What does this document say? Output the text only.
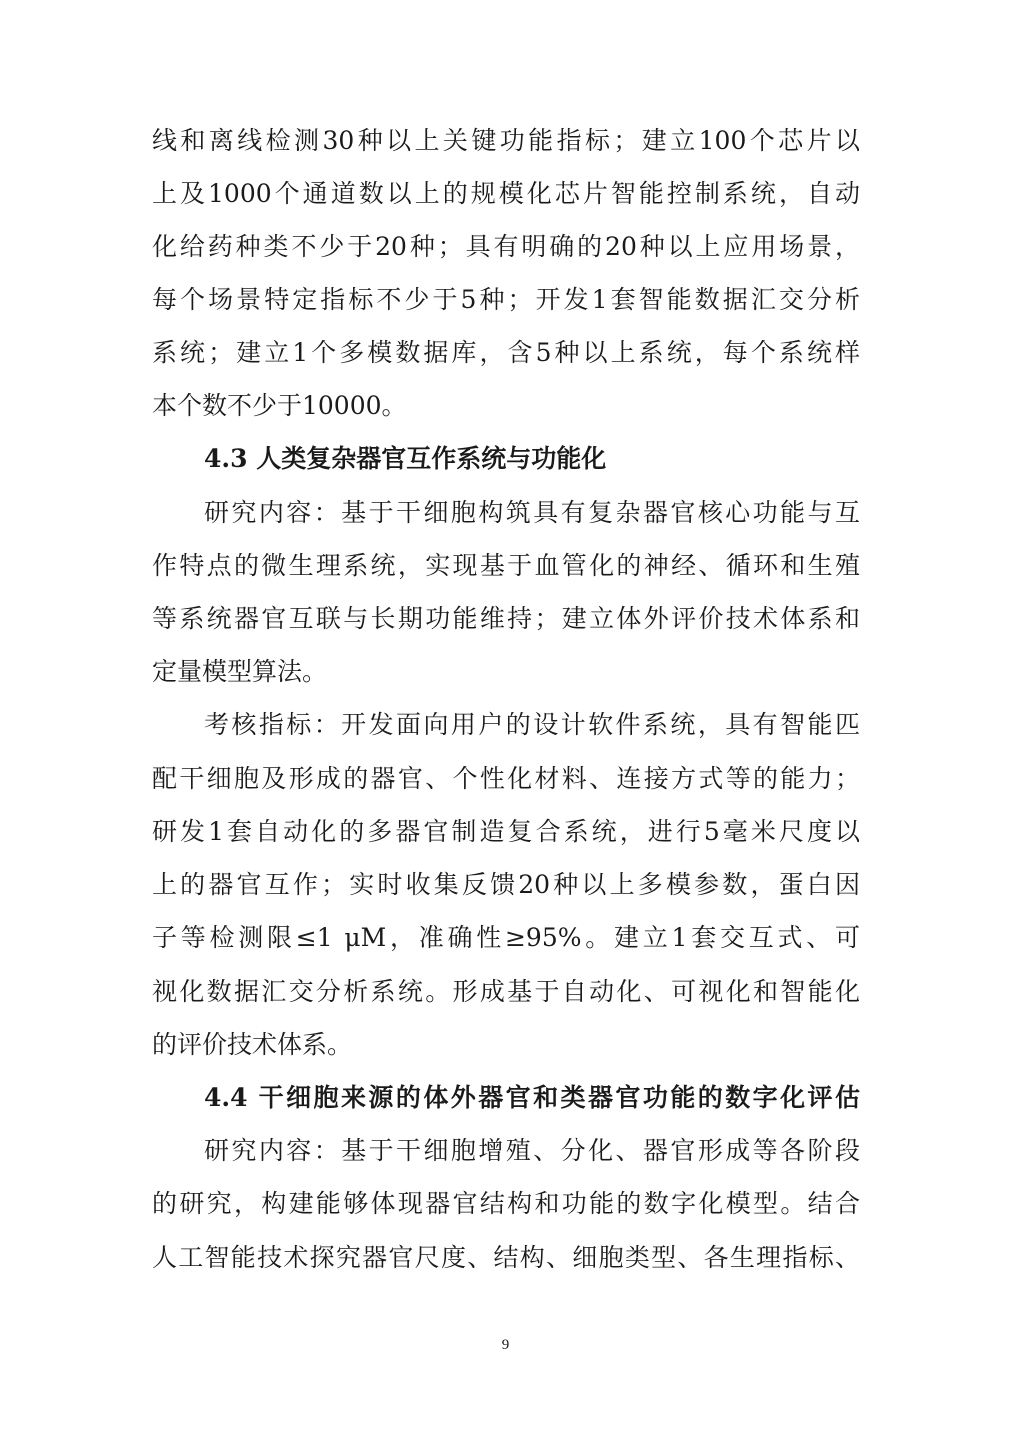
线和离线检测30种以上关键功能指标；建立100个芯片以
上及1000个通道数以上的规模化芯片智能控制系统，自动
化给药种类不少于20种；具有明确的20种以上应用场景，
每个场景特定指标不少于5种；开发1套智能数据汇交分析
系统；建立1个多模数据库，含5种以上系统，每个系统样
本个数不少于10000。
4.3 人类复杂器官互作系统与功能化
研究内容：基于干细胞构筑具有复杂器官核心功能与互
作特点的微生理系统，实现基于血管化的神经、循环和生殖
等系统器官互联与长期功能维持；建立体外评价技术体系和
定量模型算法。
考核指标：开发面向用户的设计软件系统，具有智能匹
配干细胞及形成的器官、个性化材料、连接方式等的能力；
研发1套自动化的多器官制造复合系统，进行5毫米尺度以
上的器官互作；实时收集反馈20种以上多模参数，蛋白因
子等检测限≤1 μM，准确性≥95%。建立1套交互式、可
视化数据汇交分析系统。形成基于自动化、可视化和智能化
的评价技术体系。
4.4 干细胞来源的体外器官和类器官功能的数字化评估
研究内容：基于干细胞增殖、分化、器官形成等各阶段
的研究，构建能够体现器官结构和功能的数字化模型。结合
人工智能技术探究器官尺度、结构、细胞类型、各生理指标、
9
